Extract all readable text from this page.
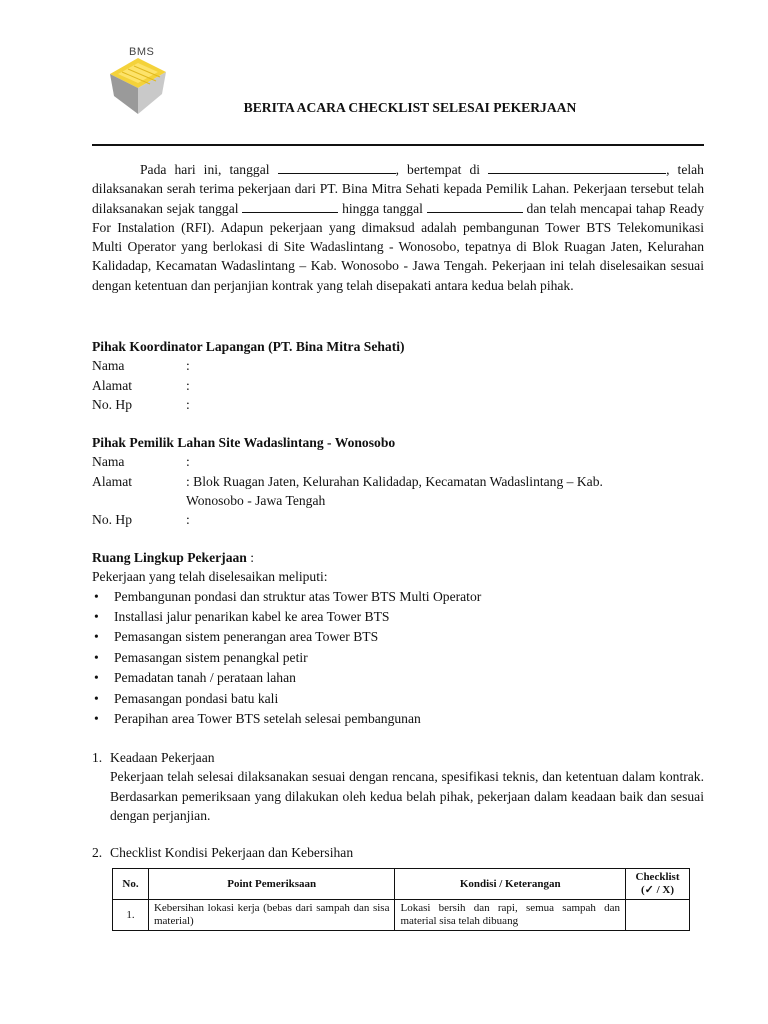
BMS
BERITA ACARA CHECKLIST SELESAI PEKERJAAN

Pada hari ini, tanggal	, bertempat di	, telah dilaksanakan serah terima pekerjaan dari PT. Bina Mitra Sehati kepada Pemilik Lahan. Pekerjaan tersebut telah dilaksanakan sejak tanggal	hingga tanggal	dan telah mencapai tahap Ready For Instalation (RFI). Adapun pekerjaan yang dimaksud adalah pembangunan Tower BTS Telekomunikasi Multi Operator yang berlokasi di Site Wadaslintang - Wonosobo, tepatnya di Blok Ruagan Jaten, Kelurahan Kalidadap, Kecamatan Wadaslintang – Kab. Wonosobo - Jawa Tengah. Pekerjaan ini telah diselesaikan sesuai dengan ketentuan dan perjanjian kontrak yang telah disepakati antara kedua belah pihak.

Pihak Koordinator Lapangan (PT. Bina Mitra Sehati)
Nama	:
Alamat	:
No. Hp	:
Pihak Pemilik Lahan Site Wadaslintang - Wonosobo
Nama	:
Alamat	: Blok Ruagan Jaten, Kelurahan Kalidadap, Kecamatan Wadaslintang – Kab.
Wonosobo - Jawa Tengah
No. Hp	:
Ruang Lingkup Pekerjaan :
Pekerjaan yang telah diselesaikan meliputi:
• Pembangunan pondasi dan struktur atas Tower BTS Multi Operator
• Installasi jalur penarikan kabel ke area Tower BTS
• Pemasangan sistem penerangan area Tower BTS
• Pemasangan sistem penangkal petir
• Pemadatan tanah / perataan lahan
• Pemasangan pondasi batu kali
• Perapihan area Tower BTS setelah selesai pembangunan
1. Keadaan Pekerjaan
Pekerjaan telah selesai dilaksanakan sesuai dengan rencana, spesifikasi teknis, dan ketentuan dalam kontrak. Berdasarkan pemeriksaan yang dilakukan oleh kedua belah pihak, pekerjaan dalam keadaan baik dan sesuai dengan perjanjian.
2. Checklist Kondisi Pekerjaan dan Kebersihan
No.	Point Pemeriksaan	Kondisi / Keterangan	Checklist
(✓ / X)
1.	Kebersihan lokasi kerja (bebas dari sampah dan sisa material)	Lokasi bersih dan rapi, semua sampah dan material sisa telah dibuang	
